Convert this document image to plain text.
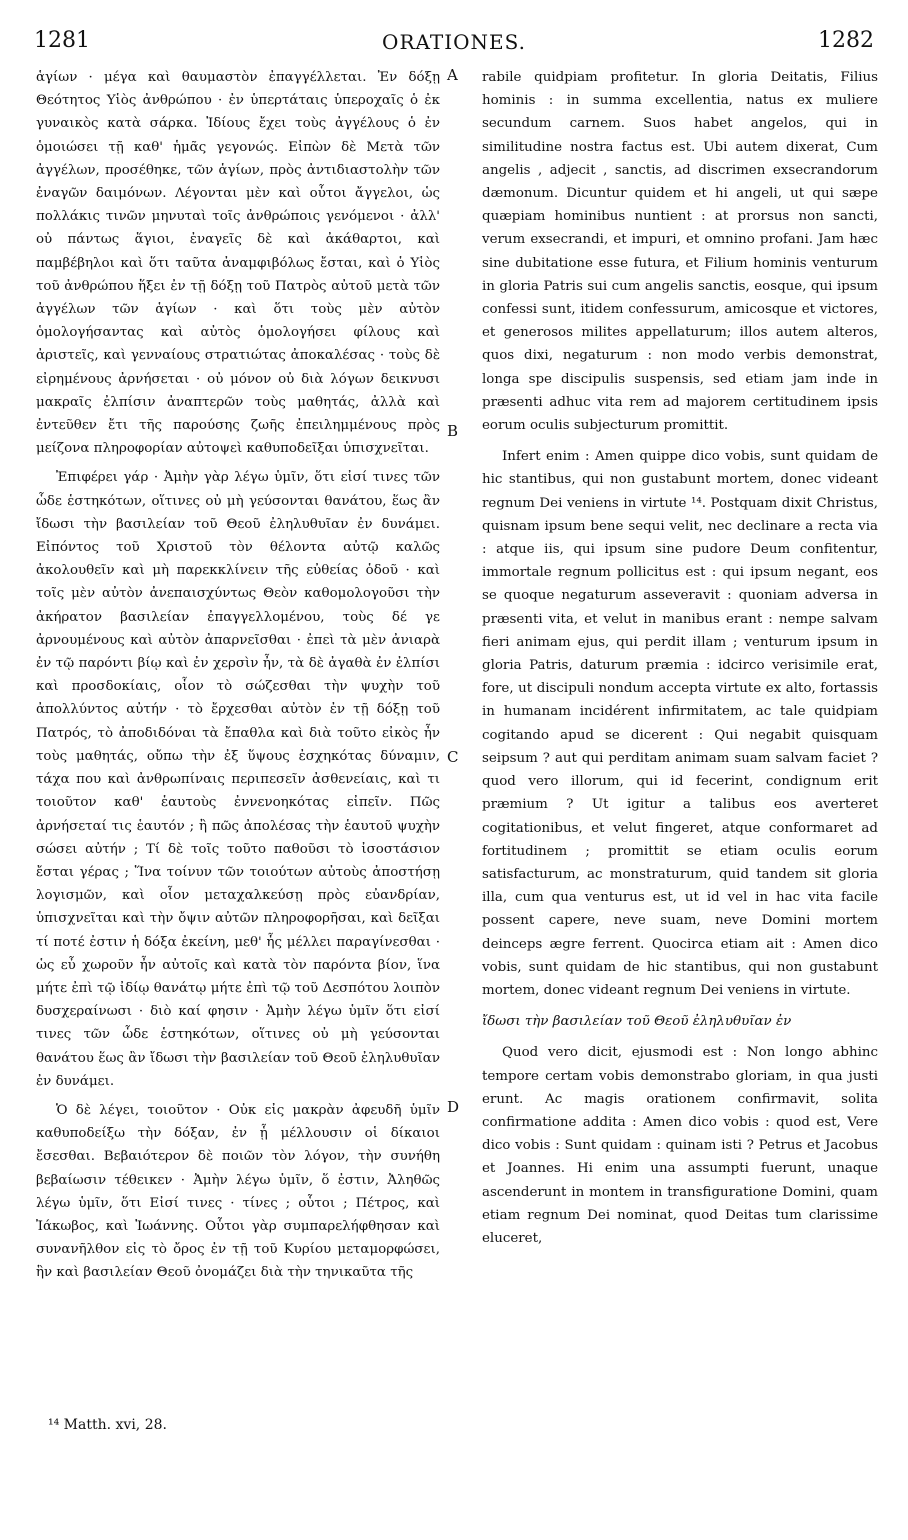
1281	ORATIONES.	1282

ἁγίων · μέγα καὶ θαυμαστὸν ἐπαγγέλλεται. Ἐν δόξῃ Θεότητος Υἱὸς ἀνθρώπου · ἐν ὑπερτάταις ὑπεροχαῖς ὁ ἐκ γυναικὸς κατὰ σάρκα. Ἰδίους ἔχει τοὺς ἀγγέλους ὁ ἐν ὁμοιώσει τῇ καθ' ἡμᾶς γεγονώς. Εἰπὼν δὲ Μετὰ τῶν ἀγγέλων, προσέθηκε, τῶν ἁγίων, πρὸς ἀντιδιαστολὴν τῶν ἐναγῶν δαιμόνων. Λέγονται μὲν καὶ οὗτοι ἄγγελοι, ὡς πολλάκις τινῶν μηνυταὶ τοῖς ἀνθρώποις γενόμενοι · ἀλλ' οὐ πάντως ἅγιοι, ἐναγεῖς δὲ καὶ ἀκάθαρτοι, καὶ παμβέβηλοι καὶ ὅτι ταῦτα ἀναμφιβόλως ἔσται, καὶ ὁ Υἱὸς τοῦ ἀνθρώπου ἥξει ἐν τῇ δόξῃ τοῦ Πατρὸς αὐτοῦ μετὰ τῶν ἀγγέλων τῶν ἁγίων · καὶ ὅτι τοὺς μὲν αὐτὸν ὁμολογήσαντας καὶ αὐτὸς ὁμολογήσει φίλους καὶ ἀριστεῖς, καὶ γενναίους στρατιώτας ἀποκαλέσας · τοὺς δὲ εἰρημένους ἀρνήσεται · οὐ μόνον οὐ διὰ λόγων δεικνυσι μακραῖς ἐλπίσιν ἀναπτερῶν τοὺς μαθητάς, ἀλλὰ καὶ ἐντεῦθεν ἔτι τῆς παρούσης ζωῆς ἐπειλημμένους πρὸς μείζονα πληροφορίαν αὐτοψεὶ καθυποδεῖξαι ὑπισχνεῖται.

Ἐπιφέρει γάρ · Ἀμὴν γὰρ λέγω ὑμῖν, ὅτι εἰσί τινες τῶν ὧδε ἑστηκότων, οἵτινες οὐ μὴ γεύσονται θανάτου, ἕως ἂν ἴδωσι τὴν βασιλείαν τοῦ Θεοῦ ἐληλυθυῖαν ἐν δυνάμει. Εἰπόντος τοῦ Χριστοῦ τὸν θέλοντα αὐτῷ καλῶς ἀκολουθεῖν καὶ μὴ παρεκκλίνειν τῆς εὐθείας ὁδοῦ · καὶ τοῖς μὲν αὐτὸν ἀνεπαισχύντως Θεὸν καθομολογοῦσι τὴν ἀκήρατον βασιλείαν ἐπαγγελλομένου, τοὺς δέ γε ἀρνουμένους καὶ αὐτὸν ἀπαρνεῖσθαι · ἐπεὶ τὰ μὲν ἀνιαρὰ ἐν τῷ παρόντι βίῳ καὶ ἐν χερσὶν ἦν, τὰ δὲ ἀγαθὰ ἐν ἐλπίσι καὶ προσδοκίαις, οἷον τὸ σώζεσθαι τὴν ψυχὴν τοῦ ἀπολλύντος αὐτήν · τὸ ἔρχεσθαι αὐτὸν ἐν τῇ δόξῃ τοῦ Πατρός, τὸ ἀποδιδόναι τὰ ἔπαθλα καὶ διὰ τοῦτο εἰκὸς ἦν τοὺς μαθητάς, οὔπω τὴν ἐξ ὕψους ἐσχηκότας δύναμιν, τάχα που καὶ ἀνθρωπίναις περιπεσεῖν ἀσθενείαις, καὶ τι τοιοῦτον καθ' ἑαυτοὺς ἐννενοηκότας εἰπεῖν. Πῶς ἀρνήσεταί τις ἑαυτόν ; ἢ πῶς ἀπολέσας τὴν ἑαυτοῦ ψυχὴν σώσει αὐτήν ; Τί δὲ τοῖς τοῦτο παθοῦσι τὸ ἰσοστάσιον ἔσται γέρας ; Ἵνα τοίνυν τῶν τοιούτων αὐτοὺς ἀποστήσῃ λογισμῶν, καὶ οἷον μεταχαλκεύσῃ πρὸς εὐανδρίαν, ὑπισχνεῖται καὶ τὴν ὄψιν αὐτῶν πληροφορῆσαι, καὶ δεῖξαι τί ποτέ ἐστιν ἡ δόξα ἐκείνη, μεθ' ἧς μέλλει παραγίνεσθαι · ὡς εὖ χωροῦν ἦν αὐτοῖς καὶ κατὰ τὸν παρόντα βίον, ἵνα μήτε ἐπὶ τῷ ἰδίῳ θανάτῳ μήτε ἐπὶ τῷ τοῦ Δεσπότου λοιπὸν δυσχεραίνωσι · διὸ καί φησιν · Ἀμὴν λέγω ὑμῖν ὅτι εἰσί τινες τῶν ὧδε ἑστηκότων, οἵτινες οὐ μὴ γεύσονται θανάτου ἕως ἂν ἴδωσι τὴν βασιλείαν τοῦ Θεοῦ ἐληλυθυῖαν ἐν δυνάμει.

Ὁ δὲ λέγει, τοιοῦτον · Οὐκ εἰς μακρὰν ἀφευδῆ ὑμῖν καθυποδείξω τὴν δόξαν, ἐν ᾗ μέλλουσιν οἱ δίκαιοι ἔσεσθαι. Βεβαιότερον δὲ ποιῶν τὸν λόγον, τὴν συνήθη βεβαίωσιν τέθεικεν · Ἀμὴν λέγω ὑμῖν, ὅ ἐστιν, Ἀληθῶς λέγω ὑμῖν, ὅτι Εἰσί τινες · τίνες ; οὗτοι ; Πέτρος, καὶ Ἰάκωβος, καὶ Ἰωάννης. Οὗτοι γὰρ συμπαρελήφθησαν καὶ συνανῆλθον εἰς τὸ ὄρος ἐν τῇ τοῦ Κυρίου μεταμορφώσει, ἣν καὶ βασιλείαν Θεοῦ ὀνομάζει διὰ τὴν τηνικαῦτα τῆς

rabile quidpiam profitetur. In gloria Deitatis, Filius hominis : in summa excellentia, natus ex muliere secundum carnem. Suos habet angelos, qui in similitudine nostra factus est. Ubi autem dixerat, Cum angelis , adjecit , sanctis, ad discrimen exsecrandorum dæmonum. Dicuntur quidem et hi angeli, ut qui sæpe quæpiam hominibus nuntient : at prorsus non sancti, verum exsecrandi, et impuri, et omnino profani. Jam hæc sine dubitatione esse futura, et Filium hominis venturum in gloria Patris sui cum angelis sanctis, eosque, qui ipsum confessi sunt, itidem confessurum, amicosque et victores, et generosos milites appellaturum; illos autem alteros, quos dixi, negaturum : non modo verbis demonstrat, longa spe discipulis suspensis, sed etiam jam inde in præsenti adhuc vita rem ad majorem certitudinem ipsis eorum oculis subjecturum promittit.

Infert enim : Amen quippe dico vobis, sunt quidam de hic stantibus, qui non gustabunt mortem, donec videant regnum Dei veniens in virtute ¹⁴. Postquam dixit Christus, quisnam ipsum bene sequi velit, nec declinare a recta via : atque iis, qui ipsum sine pudore Deum confitentur, immortale regnum pollicitus est : qui ipsum negant, eos se quoque negaturum asseveravit : quoniam adversa in præsenti vita, et velut in manibus erant : nempe salvam fieri animam ejus, qui perdit illam ; venturum ipsum in gloria Patris, daturum præmia : idcirco verisimile erat, fore, ut discipuli nondum accepta virtute ex alto, fortassis in humanam incidérent infirmitatem, ac tale quidpiam cogitando apud se dicerent : Qui negabit quisquam seipsum ? aut qui perditam animam suam salvam faciet ? quod vero illorum, qui id fecerint, condignum erit præmium ? Ut igitur a talibus eos averteret cogitationibus, et velut fingeret, atque conformaret ad fortitudinem ; promittit se etiam oculis eorum satisfacturum, ac monstraturum, quid tandem sit gloria illa, cum qua venturus est, ut id vel in hac vita facile possent capere, neve suam, neve Domini mortem deinceps ægre ferrent. Quocirca etiam ait : Amen dico vobis, sunt quidam de hic stantibus, qui non gustabunt mortem, donec videant regnum Dei veniens in virtute.

ἴδωσι τὴν βασιλείαν τοῦ Θεοῦ ἐληλυθυῖαν ἐν

Quod vero dicit, ejusmodi est : Non longo abhinc tempore certam vobis demonstrabo gloriam, in qua justi erunt. Ac magis orationem confirmavit, solita confirmatione addita : Amen dico vobis : quod est, Vere dico vobis : Sunt quidam : quinam isti ? Petrus et Jacobus et Joannes. Hi enim una assumpti fuerunt, unaque ascenderunt in montem in transfiguratione Domini, quam etiam regnum Dei nominat, quod Deitas tum clarissime eluceret,

A
B
C
D
¹⁴ Matth. xvi, 28.
